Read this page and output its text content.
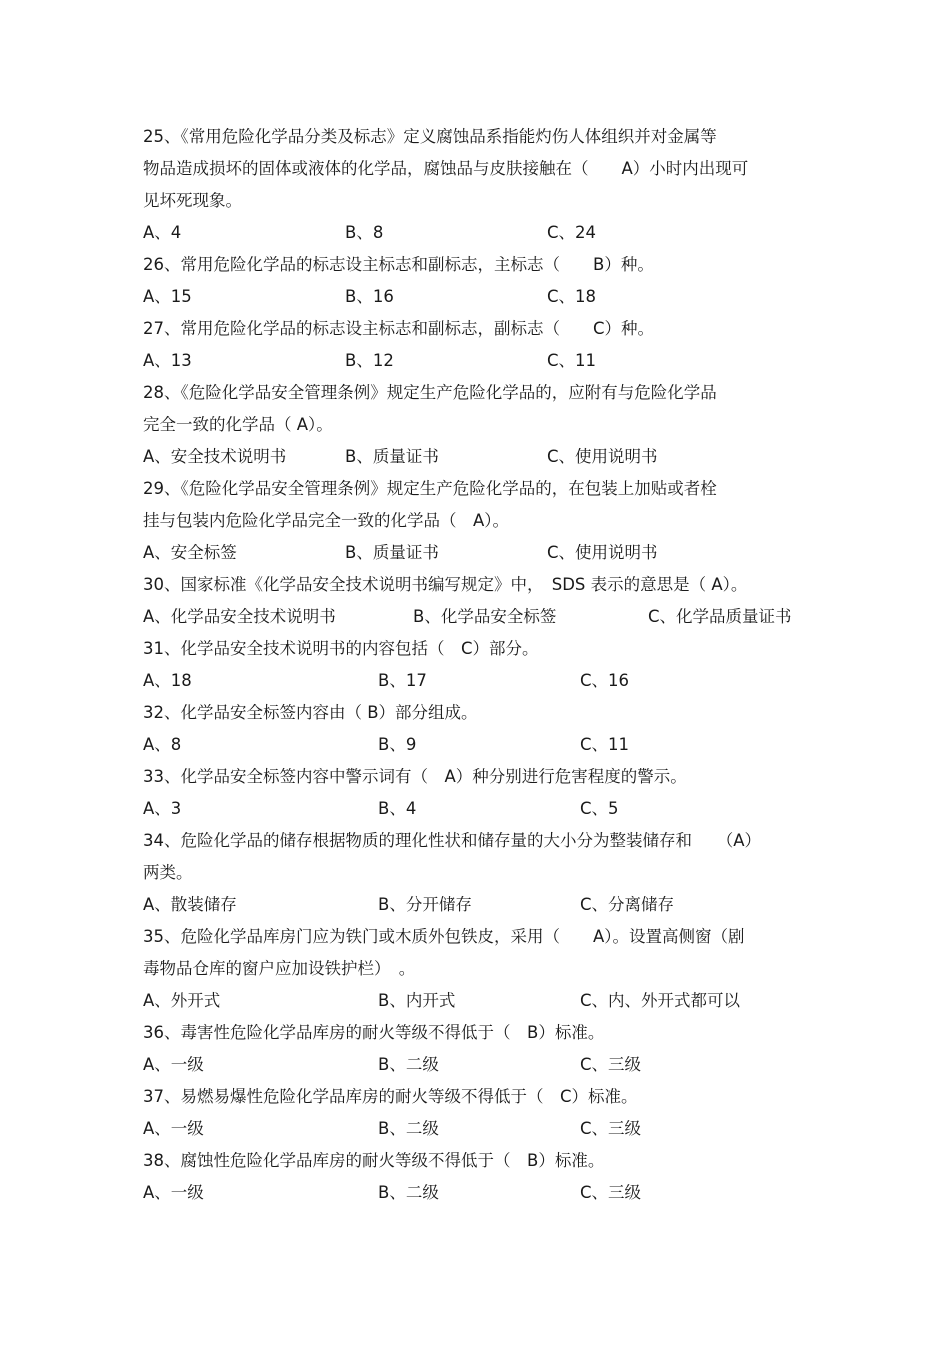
25、《常用危险化学品分类及标志》定义腐蚀品系指能灼伤人体组织并对金属等
物品造成损坏的固体或液体的化学品，腐蚀品与皮肤接触在（　　A）小时内出现可
见坏死现象。
A、4	B、8	C、24
26、常用危险化学品的标志设主标志和副标志，主标志（　　B）种。
A、15	B、16	C、18
27、常用危险化学品的标志设主标志和副标志，副标志（　　C）种。
A、13	B、12	C、11
28、《危险化学品安全管理条例》规定生产危险化学品的，应附有与危险化学品
完全一致的化学品（ A）。
A、安全技术说明书	B、质量证书	C、使用说明书
29、《危险化学品安全管理条例》规定生产危险化学品的，在包装上加贴或者栓
挂与包装内危险化学品完全一致的化学品（　A）。
A、安全标签	B、质量证书	C、使用说明书
30、国家标准《化学品安全技术说明书编写规定》中，　SDS 表示的意思是（ A）。
A、化学品安全技术说明书	B、化学品安全标签	C、化学品质量证书
31、化学品安全技术说明书的内容包括（　C）部分。
A、18	B、17	C、16
32、化学品安全标签内容由（ B）部分组成。
A、8	B、9	C、11
33、化学品安全标签内容中警示词有（　A）种分别进行危害程度的警示。
A、3	B、4	C、5
34、危险化学品的储存根据物质的理化性状和储存量的大小分为整装储存和　　（A）
两类。
A、散装储存	B、分开储存	C、分离储存
35、危险化学品库房门应为铁门或木质外包铁皮，采用（　　A）。设置高侧窗（剧
毒物品仓库的窗户应加设铁护栏）　。
A、外开式	B、内开式	C、内、外开式都可以
36、毒害性危险化学品库房的耐火等级不得低于（　B）标准。
A、一级	B、二级	C、三级
37、易燃易爆性危险化学品库房的耐火等级不得低于（　C）标准。
A、一级	B、二级	C、三级
38、腐蚀性危险化学品库房的耐火等级不得低于（　B）标准。
A、一级	B、二级	C、三级
